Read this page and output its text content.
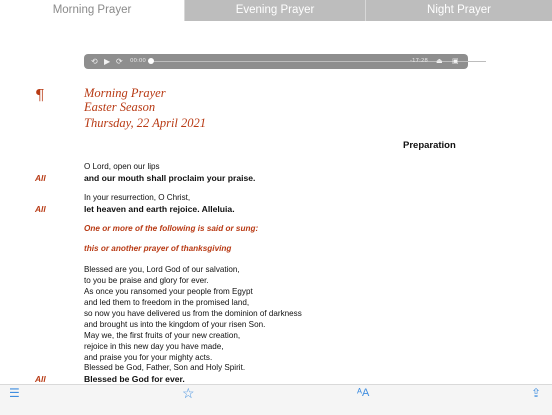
Morning Prayer	Evening Prayer	Night Prayer
⟲ ▶ ⟳ 00:00	-17:28 ⏏ ▣
¶	Morning Prayer
Easter Season
Thursday, 22 April 2021
Preparation
O Lord, open our lips
All	and our mouth shall proclaim your praise.
In your resurrection, O Christ,
All	let heaven and earth rejoice. Alleluia.
One or more of the following is said or sung:
this or another prayer of thanksgiving
Blessed are you, Lord God of our salvation,
to you be praise and glory for ever.
As once you ransomed your people from Egypt
and led them to freedom in the promised land,
so now you have delivered us from the dominion of darkness
and brought us into the kingdom of your risen Son.
May we, the first fruits of your new creation,
rejoice in this new day you have made,
and praise you for your mighty acts.
Blessed be God, Father, Son and Holy Spirit.
All	Blessed be God for ever.
☰	☆	ᴬA	⇪
